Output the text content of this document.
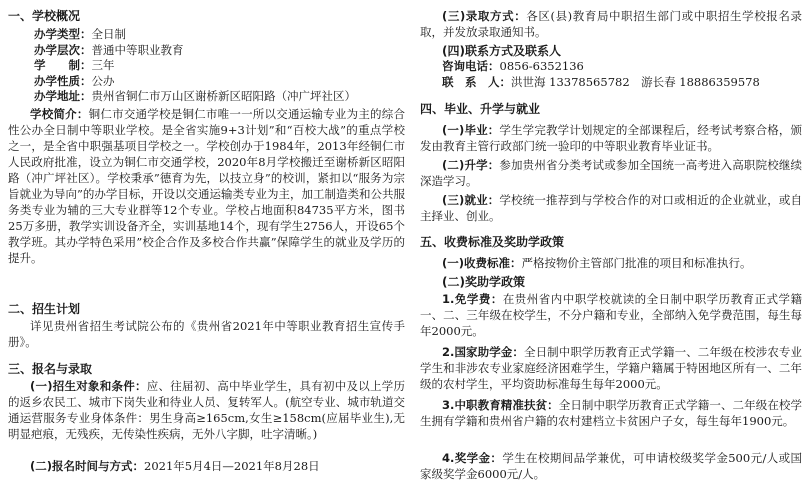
一、学校概况
办学类型：全日制
办学层次：普通中等职业教育
学　　制：三年
办学性质：公办
办学地址：贵州省铜仁市万山区谢桥新区昭阳路（冲广坪社区）

学校简介：铜仁市交通学校是铜仁市唯一一所以交通运输专业为主的综合性公办全日制中等职业学校。是全省实施9+3计划”和“百校大战”的重点学校之一，是全省中职强基项目学校之一。学校创办于1984年，2013年经铜仁市人民政府批准，设立为铜仁市交通学校，2020年8月学校搬迁至谢桥新区昭阳路（冲广坪社区）。学校秉承”德育为先，以技立身”的校训，紧扣以“服务为宗旨就业为导向”的办学目标，开设以交通运输类专业为主，加工制造类和公共服务类专业为辅的三大专业群等12个专业。学校占地面积84735平方米，图书25万多册，教学实训设备齐全，实训基地14个，现有学生2756人，开设65个教学班。其办学特色采用”校企合作及多校合作共赢”保障学生的就业及学历的提升。

二、招生计划

详见贵州省招生考试院公布的《贵州省2021年中等职业教育招生宣传手册》。

三、报名与录取

(一)招生对象和条件：应、往届初、高中毕业学生，具有初中及以上学历的返乡农民工、城市下岗失业和待业人员、复转军人。(航空专业、城市轨道交通运营服务专业身体条件：男生身高≥165cm,女生≥158cm(应届毕业生),无明显疤痕，无残疾，无传染性疾病，无外八字脚，吐字清晰。)

(二)报名时间与方式：2021年5月4日—2021年8月28日

(三)录取方式：各区(县)教育局中职招生部门或中职招生学校报名录取，并发放录取通知书。

(四)联系方式及联系人
咨询电话：0856-6352136
联　系　人：洪世海 13378565782　游长春 18886359578
四、毕业、升学与就业

(一)毕业：学生学完教学计划规定的全部课程后，经考试考察合格，颁发由教育主管行政部门统一验印的中等职业教育毕业证书。

(二)升学：参加贵州省分类考试或参加全国统一高考进入高职院校继续深造学习。

(三)就业：学校统一推荐到与学校合作的对口或相近的企业就业，或自主择业、创业。

五、收费标准及奖助学政策

(一)收费标准：严格按物价主管部门批准的项目和标准执行。

(二)奖助学政策

1.免学费：在贵州省内中职学校就读的全日制中职学历教育正式学籍一、二、三年级在校学生，不分户籍和专业，全部纳入免学费范围，每生每年2000元。

2.国家助学金：全日制中职学历教育正式学籍一、二年级在校涉农专业学生和非涉农专业家庭经济困难学生，学籍户籍属于特困地区所有一、二年级的农村学生，平均资助标准每生每年2000元。

3.中职教育精准扶贫：全日制中职学历教育正式学籍一、二年级在校学生拥有学籍和贵州省户籍的农村建档立卡贫困户子女，每生每年1900元。

4.奖学金：学生在校期间品学兼优，可申请校级奖学金500元/人或国家级奖学金6000元/人。
